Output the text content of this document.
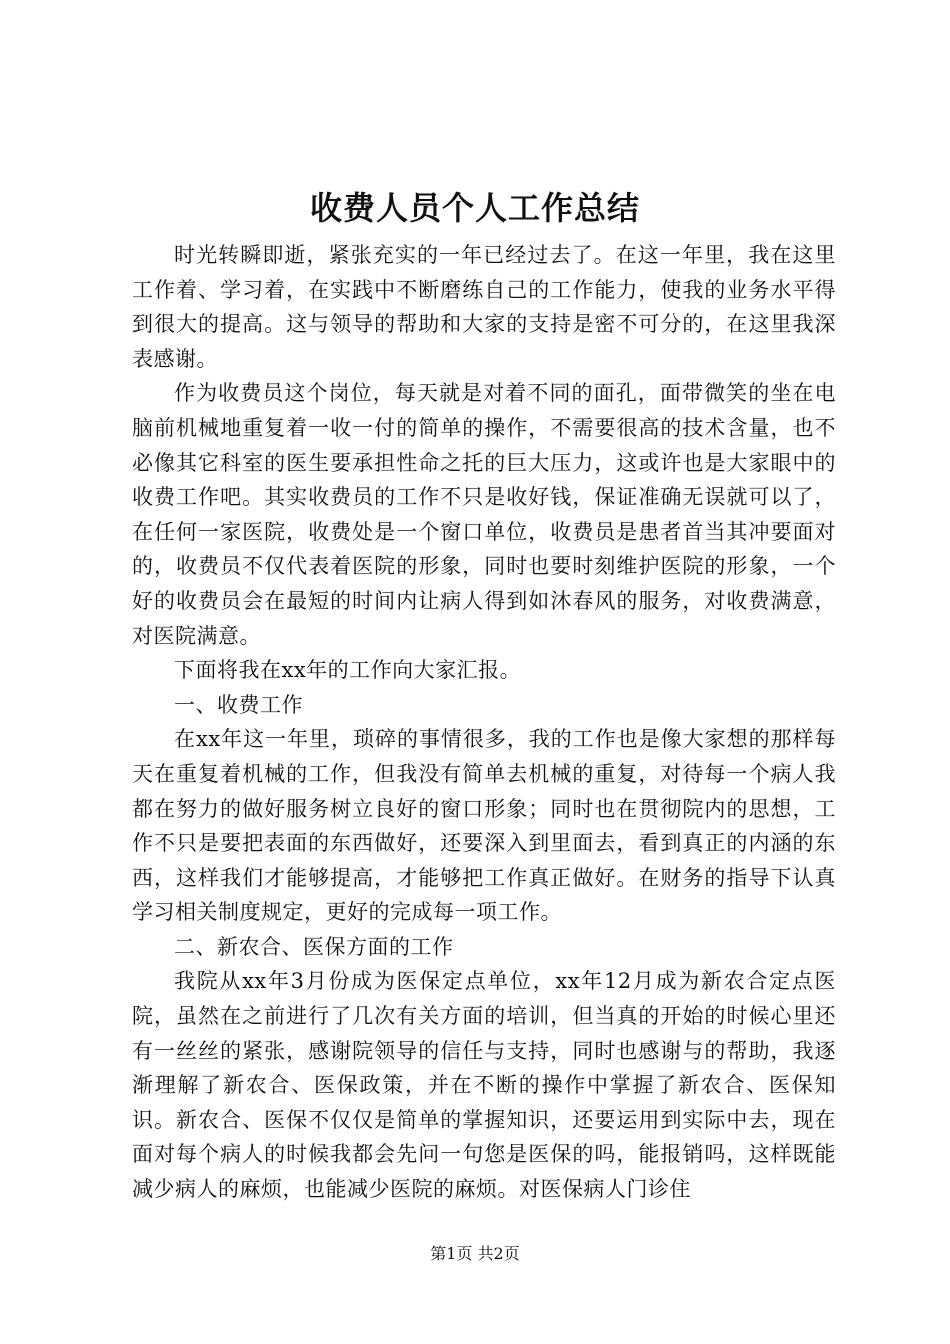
收费人员个人工作总结

时光转瞬即逝，紧张充实的一年已经过去了。在这一年里，我在这里工作着、学习着，在实践中不断磨练自己的工作能力，使我的业务水平得到很大的提高。这与领导的帮助和大家的支持是密不可分的，在这里我深表感谢。

作为收费员这个岗位，每天就是对着不同的面孔，面带微笑的坐在电脑前机械地重复着一收一付的简单的操作，不需要很高的技术含量，也不必像其它科室的医生要承担性命之托的巨大压力，这或许也是大家眼中的收费工作吧。其实收费员的工作不只是收好钱，保证准确无误就可以了，在任何一家医院，收费处是一个窗口单位，收费员是患者首当其冲要面对的，收费员不仅代表着医院的形象，同时也要时刻维护医院的形象，一个好的收费员会在最短的时间内让病人得到如沐春风的服务，对收费满意，对医院满意。

下面将我在xx年的工作向大家汇报。

一、收费工作

在xx年这一年里，琐碎的事情很多，我的工作也是像大家想的那样每天在重复着机械的工作，但我没有简单去机械的重复，对待每一个病人我都在努力的做好服务树立良好的窗口形象；同时也在贯彻院内的思想，工作不只是要把表面的东西做好，还要深入到里面去，看到真正的内涵的东西，这样我们才能够提高，才能够把工作真正做好。在财务的指导下认真学习相关制度规定，更好的完成每一项工作。

二、新农合、医保方面的工作

我院从xx年3月份成为医保定点单位，xx年12月成为新农合定点医院，虽然在之前进行了几次有关方面的培训，但当真的开始的时候心里还有一丝丝的紧张，感谢院领导的信任与支持，同时也感谢与的帮助，我逐渐理解了新农合、医保政策，并在不断的操作中掌握了新农合、医保知识。新农合、医保不仅仅是简单的掌握知识，还要运用到实际中去，现在面对每个病人的时候我都会先问一句您是医保的吗，能报销吗，这样既能减少病人的麻烦，也能减少医院的麻烦。对医保病人门诊住

第1页 共2页
